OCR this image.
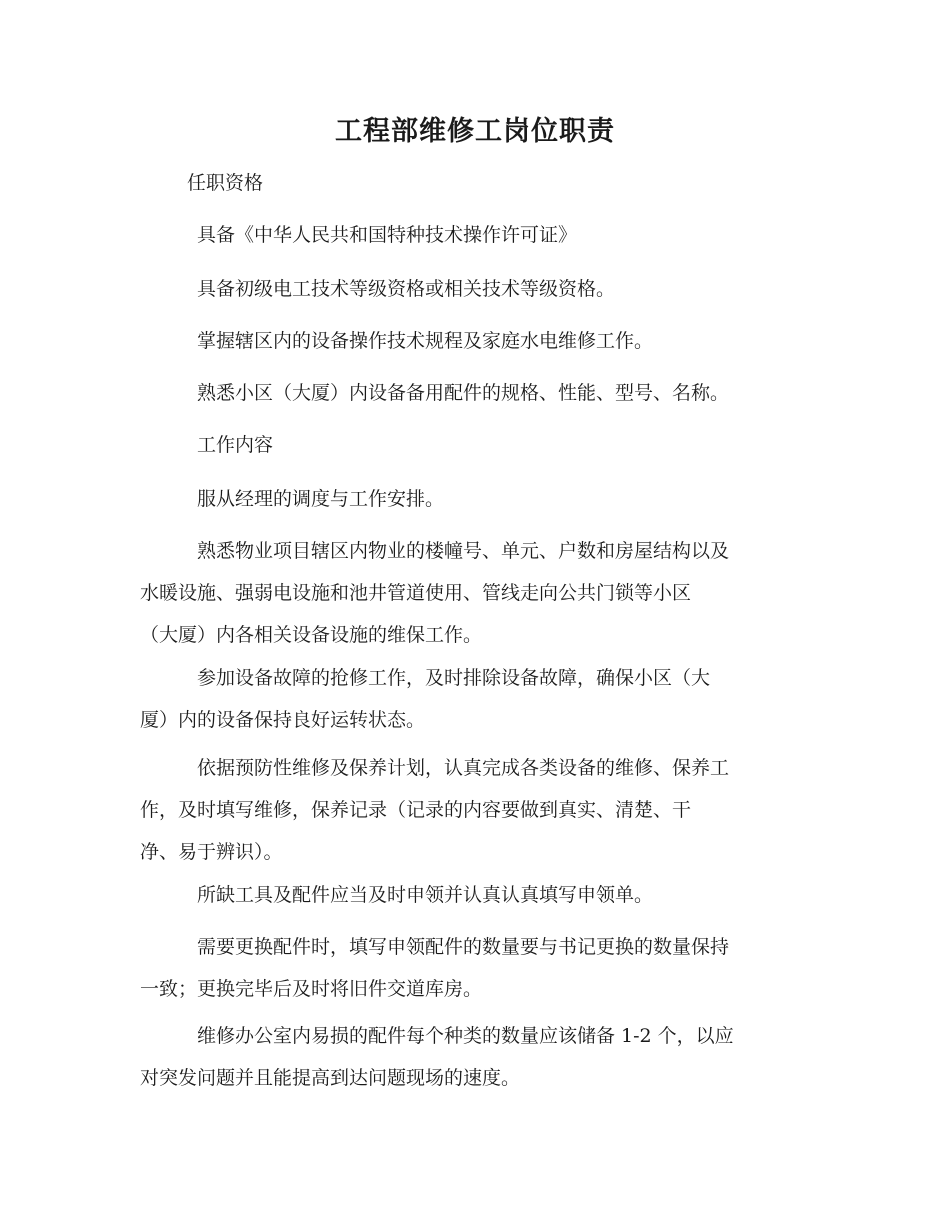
工程部维修工岗位职责
任职资格
具备《中华人民共和国特种技术操作许可证》
具备初级电工技术等级资格或相关技术等级资格。
掌握辖区内的设备操作技术规程及家庭水电维修工作。
熟悉小区（大厦）内设备备用配件的规格、性能、型号、名称。
工作内容
服从经理的调度与工作安排。
熟悉物业项目辖区内物业的楼幢号、单元、户数和房屋结构以及
水暖设施、强弱电设施和池井管道使用、管线走向公共门锁等小区
（大厦）内各相关设备设施的维保工作。
参加设备故障的抢修工作，及时排除设备故障，确保小区（大
厦）内的设备保持良好运转状态。
依据预防性维修及保养计划，认真完成各类设备的维修、保养工
作，及时填写维修，保养记录（记录的内容要做到真实、清楚、干
净、易于辨识）。
所缺工具及配件应当及时申领并认真认真填写申领单。
需要更换配件时，填写申领配件的数量要与书记更换的数量保持
一致；更换完毕后及时将旧件交道库房。
维修办公室内易损的配件每个种类的数量应该储备 1-2 个，以应
对突发问题并且能提高到达问题现场的速度。
